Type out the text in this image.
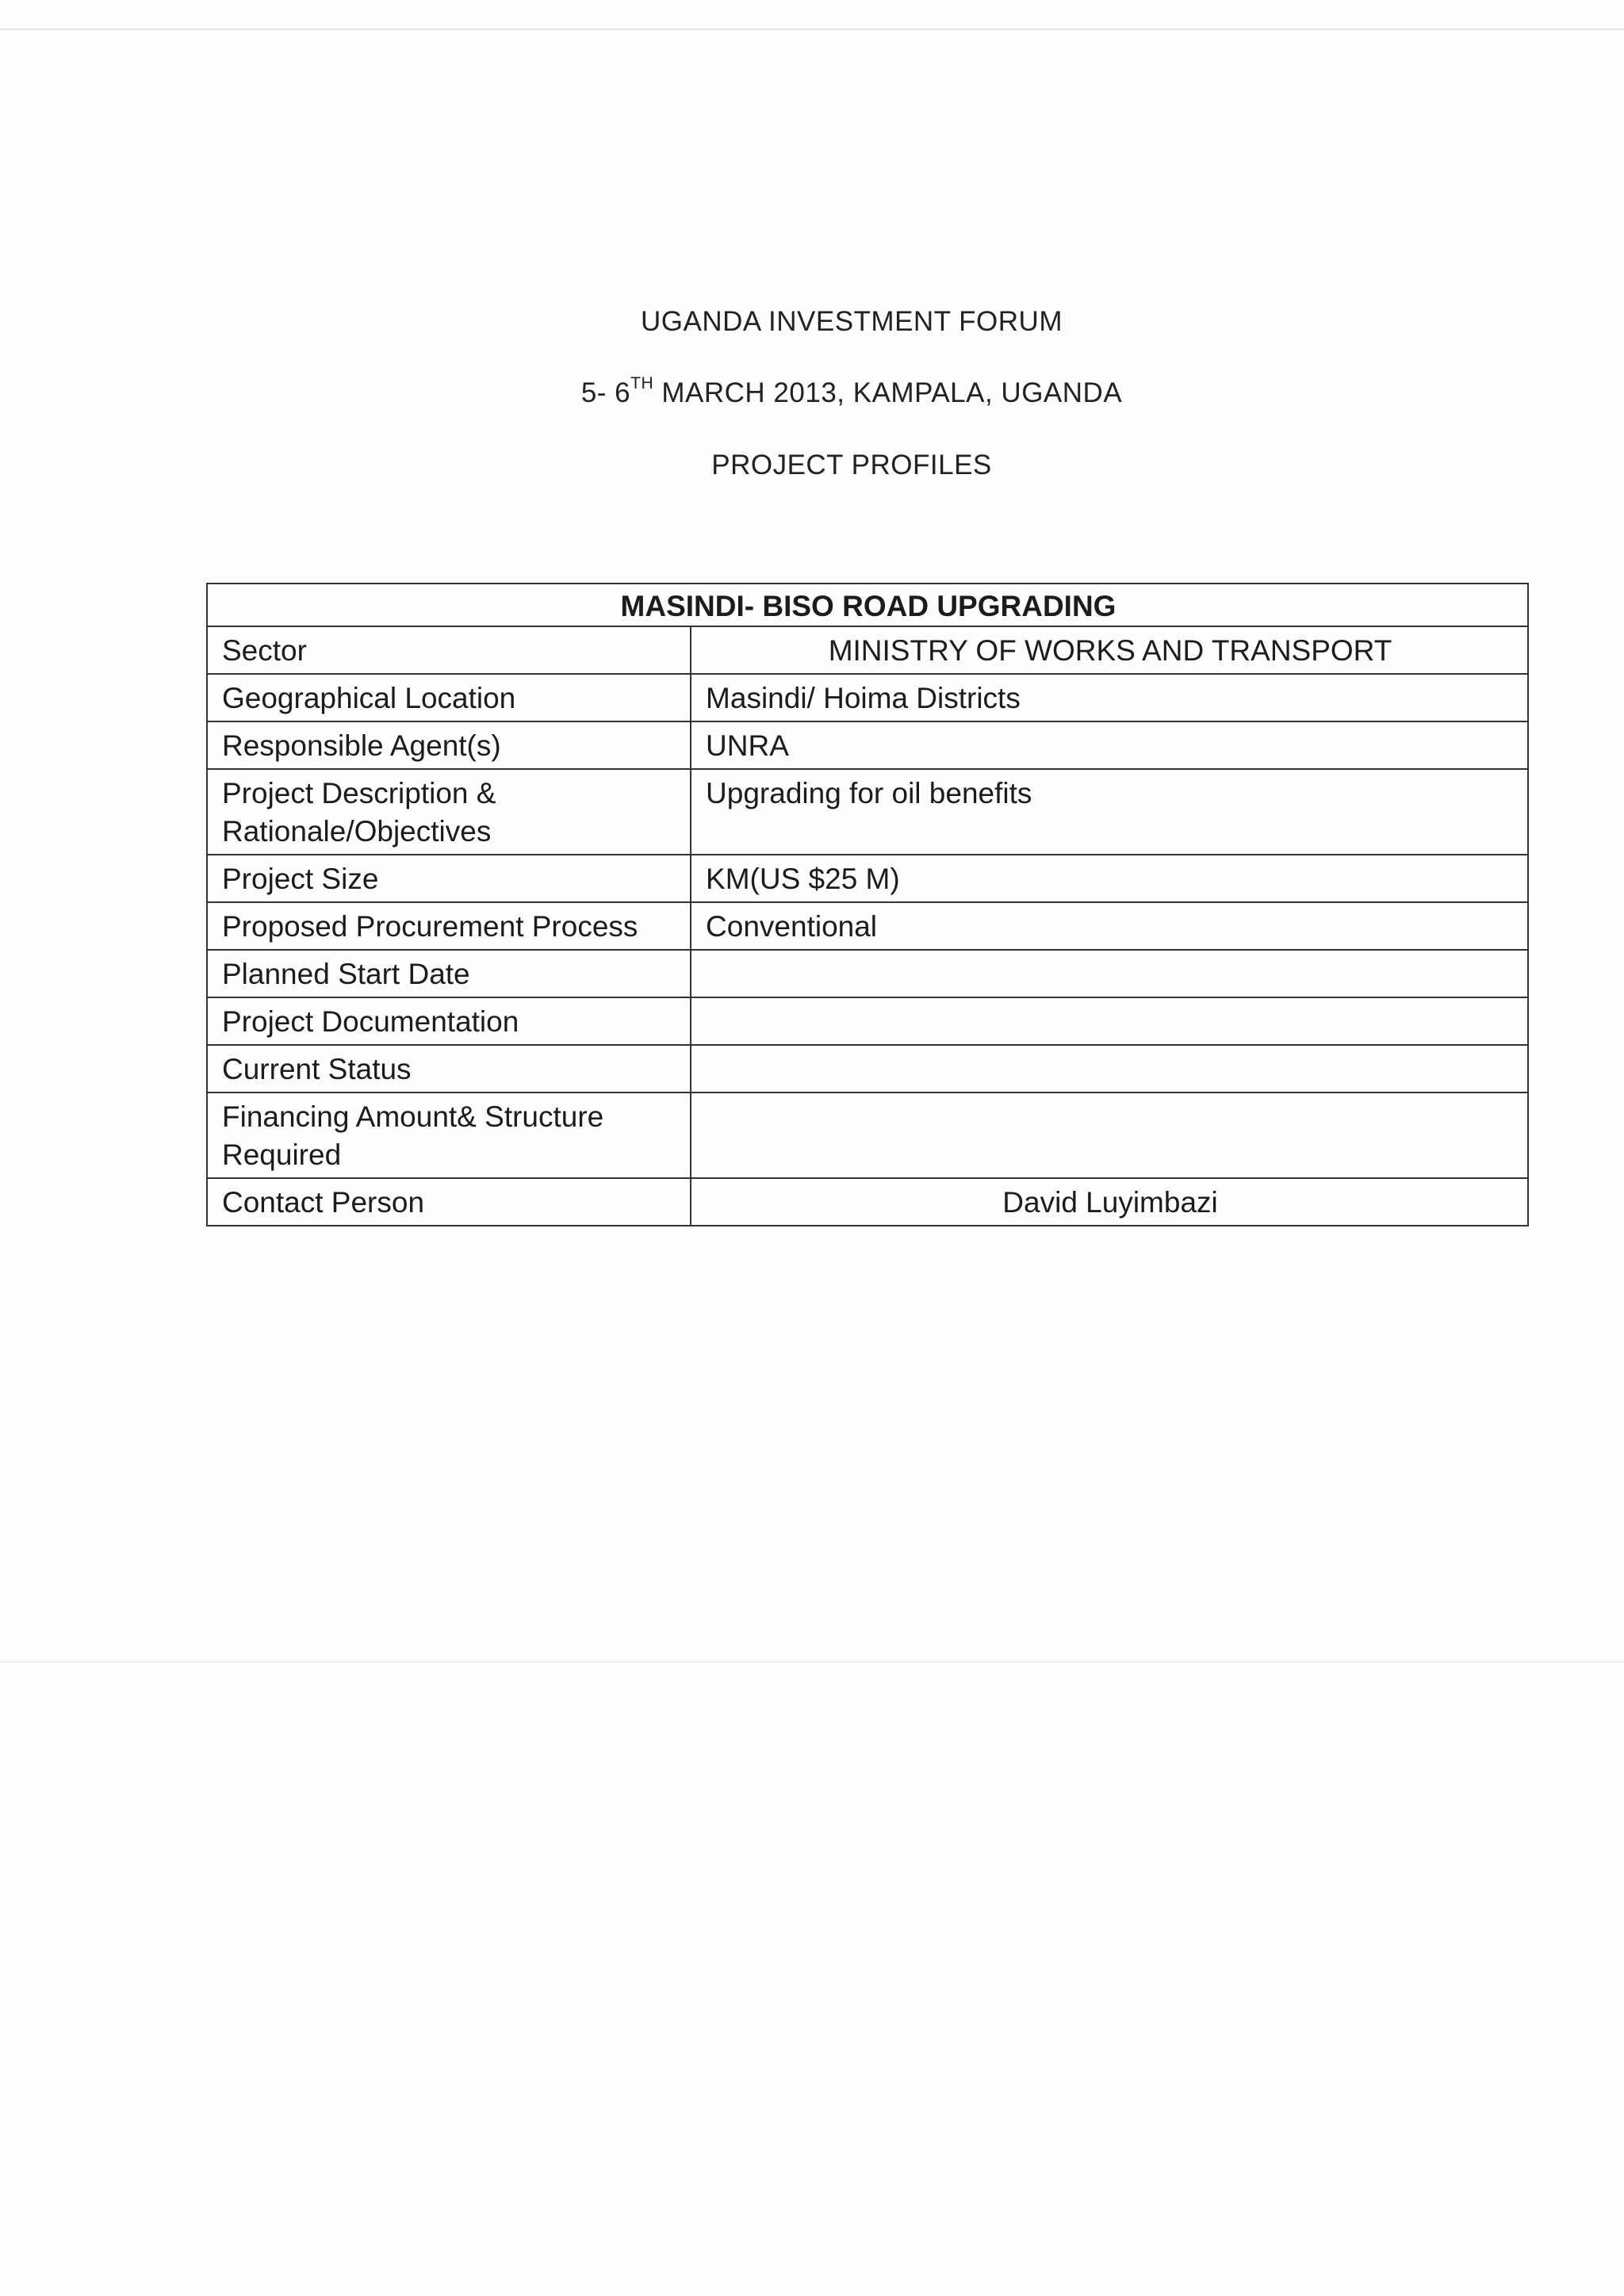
UGANDA INVESTMENT FORUM
5- 6TH MARCH 2013, KAMPALA, UGANDA
PROJECT PROFILES
MASINDI- BISO ROAD UPGRADING	
Sector	MINISTRY OF WORKS AND TRANSPORT
Geographical Location	Masindi/ Hoima Districts
Responsible Agent(s)	UNRA
Project Description & Rationale/Objectives	Upgrading for oil benefits
Project Size	KM(US $25 M)
Proposed Procurement Process	Conventional
Planned Start Date	
Project Documentation	
Current Status	
Financing Amount& Structure Required	
Contact Person	David Luyimbazi
